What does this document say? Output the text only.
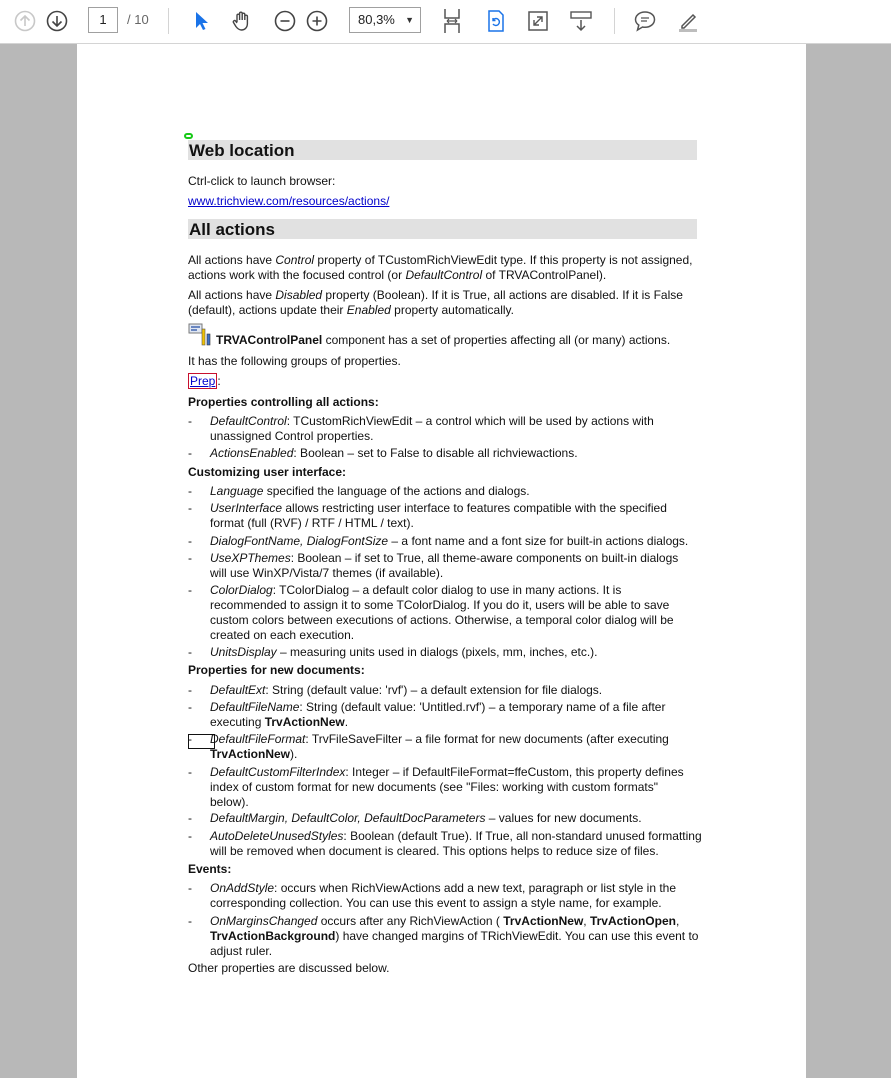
1	/ 10	80,3% ▼
Web location
Ctrl-click to launch browser:
www.trichview.com/resources/actions/
All actions
All actions have Control property of TCustomRichViewEdit type. If this property is not assigned,
actions work with the focused control (or DefaultControl of TRVAControlPanel).
All actions have Disabled property (Boolean). If it is True, all actions are disabled. If it is False
(default), actions update their Enabled property automatically.
TRVAControlPanel component has a set of properties affecting all (or many) actions.
It has the following groups of properties.
Prep :
Properties controlling all actions:
- DefaultControl: TCustomRichViewEdit – a control which will be used by actions with
unassigned Control properties.
- ActionsEnabled: Boolean – set to False to disable all richviewactions.
Customizing user interface:
- Language specified the language of the actions and dialogs.
- UserInterface allows restricting user interface to features compatible with the specified
format (full (RVF) / RTF / HTML / text).
- DialogFontName, DialogFontSize – a font name and a font size for built-in actions dialogs.
- UseXPThemes: Boolean – if set to True, all theme-aware components on built-in dialogs
will use WinXP/Vista/7 themes (if available).
- ColorDialog: TColorDialog – a default color dialog to use in many actions. It is
recommended to assign it to some TColorDialog. If you do it, users will be able to save
custom colors between executions of actions. Otherwise, a temporal color dialog will be
created on each execution.
- UnitsDisplay – measuring units used in dialogs (pixels, mm, inches, etc.).
Properties for new documents:
- DefaultExt: String (default value: 'rvf') – a default extension for file dialogs.
- DefaultFileName: String (default value: 'Untitled.rvf') – a temporary name of a file after
executing TrvActionNew.
- DefaultFileFormat: TrvFileSaveFilter – a file format for new documents (after executing
TrvActionNew).
- DefaultCustomFilterIndex: Integer – if DefaultFileFormat=ffeCustom, this property defines
index of custom format for new documents (see "Files: working with custom formats"
below).
- DefaultMargin, DefaultColor, DefaultDocParameters – values for new documents.
- AutoDeleteUnusedStyles: Boolean (default True). If True, all non-standard unused formatting
will be removed when document is cleared. This options helps to reduce size of files.
Events:
- OnAddStyle: occurs when RichViewActions add a new text, paragraph or list style in the
corresponding collection. You can use this event to assign a style name, for example.
- OnMarginsChanged occurs after any RichViewAction ( TrvActionNew, TrvActionOpen,
TrvActionBackground) have changed margins of TRichViewEdit. You can use this event to
adjust ruler.
Other properties are discussed below.
